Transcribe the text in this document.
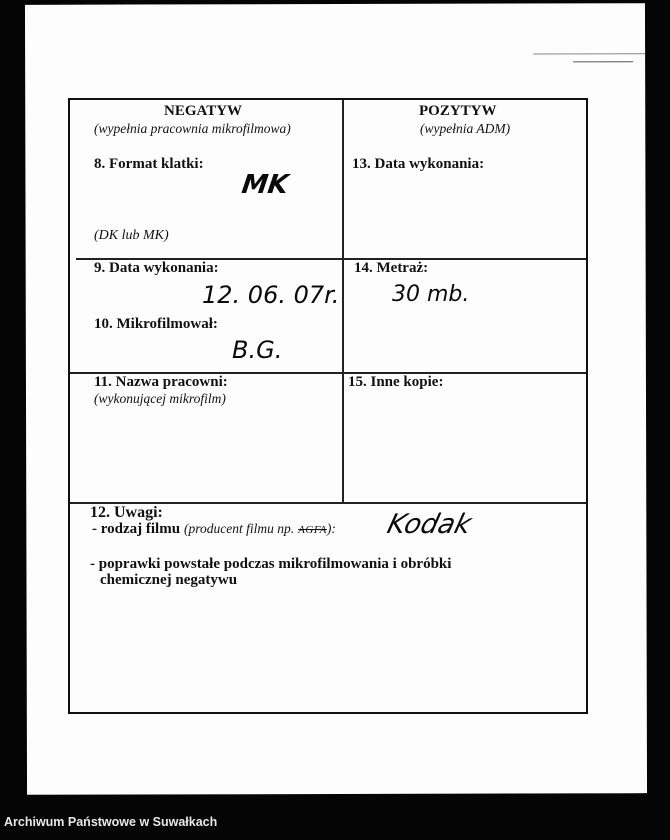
NEGATYW
(wypełnia pracownia mikrofilmowa)
8. Format klatki:
MK
(DK lub MK)
POZYTYW
(wypełnia ADM)
13. Data wykonania:
9. Data wykonania:
12. 06. 07r.
10. Mikrofilmował:
B.G.
14. Metraż:
30 mb.
11. Nazwa pracowni:
(wykonującej mikrofilm)
15. Inne kopie:
12. Uwagi:
- rodzaj filmu (producent filmu np. AGFA): Kodak
- poprawki powstałe podczas mikrofilmowania i obróbki
chemicznej negatywu
Archiwum Państwowe w Suwałkach
